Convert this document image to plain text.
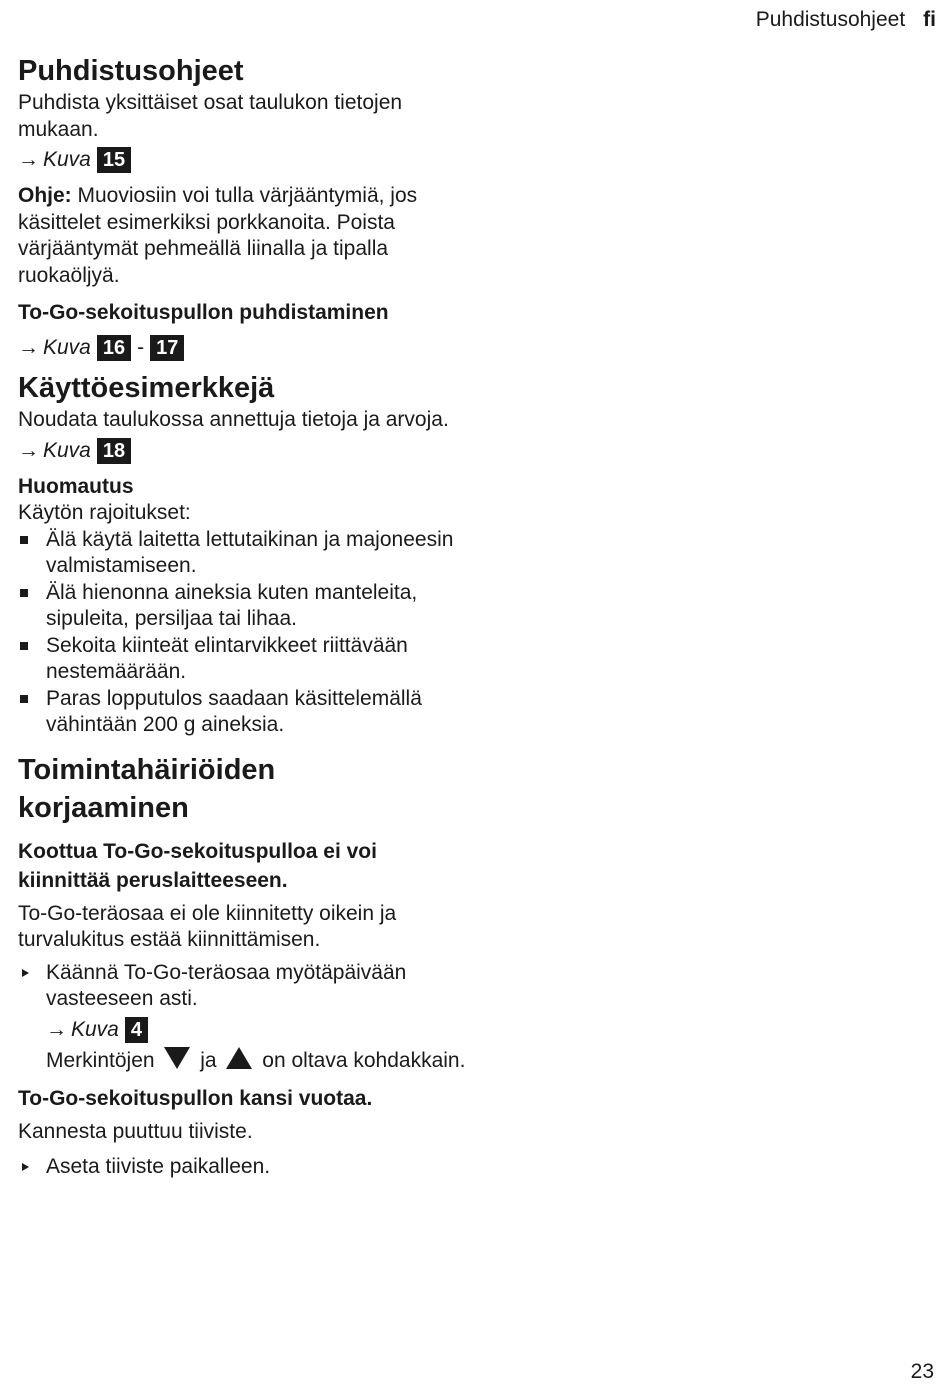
Puhdistusohjeet fi
Puhdistusohjeet

Puhdista yksittäiset osat taulukon tietojen mukaan.

→ Kuva 15

Ohje: Muoviosiin voi tulla värjääntymiä, jos käsittelet esimerkiksi porkkanoita. Poista värjääntymät pehmeällä liinalla ja tipalla ruokaöljyä.

To-Go-sekoituspullon puhdistaminen
→ Kuva 16 - 17
Käyttöesimerkkejä

Noudata taulukossa annettuja tietoja ja arvoja.

→ Kuva 18

Huomautus

Käytön rajoitukset:

Älä käytä laitetta lettutaikinan ja majoneesin valmistamiseen.
Älä hienonna aineksia kuten manteleita, sipuleita, persiljaa tai lihaa.
Sekoita kiinteät elintarvikkeet riittävään nestemäärään.
Paras lopputulos saadaan käsittelemällä vähintään 200 g aineksia.
Toimintahäiriöiden
korjaaminen
Koottua To-Go-sekoituspulloa ei voi kiinnittää peruslaitteeseen.

To-Go-teräosaa ei ole kiinnitetty oikein ja turvalukitus estää kiinnittämisen.

Käännä To-Go-teräosaa myötäpäivään vasteeseen asti.
→ Kuva 4

Merkintöjen ja on oltava kohdakkain.

To-Go-sekoituspullon kansi vuotaa.

Kannesta puuttuu tiiviste.

Aseta tiiviste paikalleen.
23
